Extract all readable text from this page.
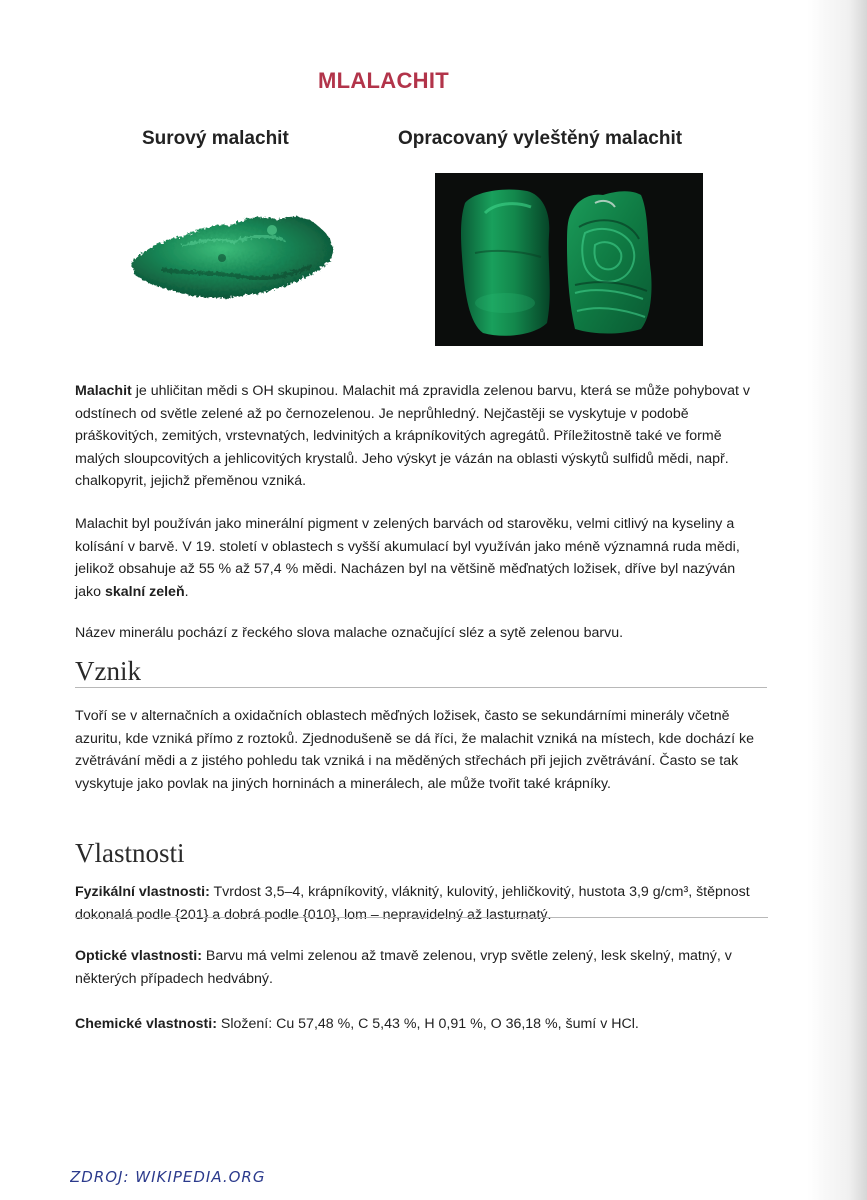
MLALACHIT
Surový malachit	Opracovaný vyleštěný malachit
Malachit je uhličitan mědi s OH skupinou. Malachit má zpravidla zelenou barvu, která se může pohybovat v odstínech od světle zelené až po černozelenou. Je neprůhledný. Nejčastěji se vyskytuje v podobě práškovitých, zemitých, vrstevnatých, ledvinitých a krápníkovitých agregátů. Příležitostně také ve formě malých sloupcovitých a jehlicovitých krystalů. Jeho výskyt je vázán na oblasti výskytů sulfidů mědi, např. chalkopyrit, jejichž přeměnou vzniká.
Malachit byl používán jako minerální pigment v zelených barvách od starověku, velmi citlivý na kyseliny a kolísání v barvě. V 19. století v oblastech s vyšší akumulací byl využíván jako méně významná ruda mědi, jelikož obsahuje až 55 % až 57,4 % mědi. Nacházen byl na většině měďnatých ložisek, dříve byl nazýván jako skalní zeleň.
Název minerálu pochází z řeckého slova malache označující sléz a sytě zelenou barvu.
Vznik
Tvoří se v alternačních a oxidačních oblastech měďných ložisek, často se sekundárními minerály včetně azuritu, kde vzniká přímo z roztoků. Zjednodušeně se dá říci, že malachit vzniká na místech, kde dochází ke zvětrávání mědi a z jistého pohledu tak vzniká i na měděných střechách při jejich zvětrávání. Často se tak vyskytuje jako povlak na jiných horninách a minerálech, ale může tvořit také krápníky.
Vlastnosti
Fyzikální vlastnosti: Tvrdost 3,5–4, krápníkovitý, vláknitý, kulovitý, jehličkovitý, hustota 3,9 g/cm³, štěpnost dokonalá podle {201} a dobrá podle {010}, lom – nepravidelný až lasturnatý.
Optické vlastnosti: Barvu má velmi zelenou až tmavě zelenou, vryp světle zelený, lesk skelný, matný, v některých případech hedvábný.
Chemické vlastnosti: Složení: Cu 57,48 %, C 5,43 %, H 0,91 %, O 36,18 %, šumí v HCl.
ZDROJ: WIKIPEDIA.ORG
